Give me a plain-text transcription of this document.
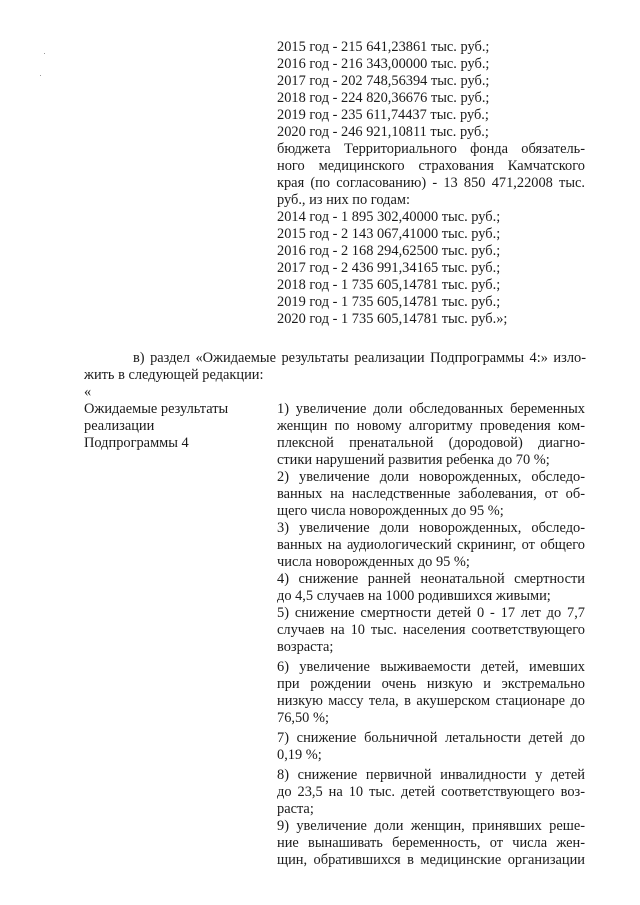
2015 год - 215 641,23861 тыс. руб.;
2016 год - 216 343,00000 тыс. руб.;
2017 год - 202 748,56394 тыс. руб.;
2018 год - 224 820,36676 тыс. руб.;
2019 год - 235 611,74437 тыс. руб.;
2020 год - 246 921,10811 тыс. руб.;
бюджета Территориального фонда обязатель-
ного медицинского страхования Камчатского
края (по согласованию) - 13 850 471,22008 тыс.
руб., из них по годам:
2014 год - 1 895 302,40000 тыс. руб.;
2015 год - 2 143 067,41000 тыс. руб.;
2016 год - 2 168 294,62500 тыс. руб.;
2017 год - 2 436 991,34165 тыс. руб.;
2018 год - 1 735 605,14781 тыс. руб.;
2019 год - 1 735 605,14781 тыс. руб.;
2020 год - 1 735 605,14781 тыс. руб.»;
в) раздел «Ожидаемые результаты реализации Подпрограммы 4:» изло-
жить в следующей редакции:
«
Ожидаемые результаты
реализации
Подпрограммы 4
1) увеличение доли обследованных беременных
женщин по новому алгоритму проведения ком-
плексной пренатальной (дородовой) диагно-
стики нарушений развития ребенка до 70 %;
2) увеличение доли новорожденных, обследо-
ванных на наследственные заболевания, от об-
щего числа новорожденных до 95 %;
3) увеличение доли новорожденных, обследо-
ванных на аудиологический скрининг, от общего
числа новорожденных до 95 %;
4) снижение ранней неонатальной смертности
до 4,5 случаев на 1000 родившихся живыми;
5) снижение смертности детей 0 - 17 лет до 7,7
случаев на 10 тыс. населения соответствующего
возраста;
6) увеличение выживаемости детей, имевших
при рождении очень низкую и экстремально
низкую массу тела, в акушерском стационаре до
76,50 %;
7) снижение больничной летальности детей до
0,19 %;
8) снижение первичной инвалидности у детей
до 23,5 на 10 тыс. детей соответствующего воз-
раста;
9) увеличение доли женщин, принявших реше-
ние вынашивать беременность, от числа жен-
щин, обратившихся в медицинские организации
